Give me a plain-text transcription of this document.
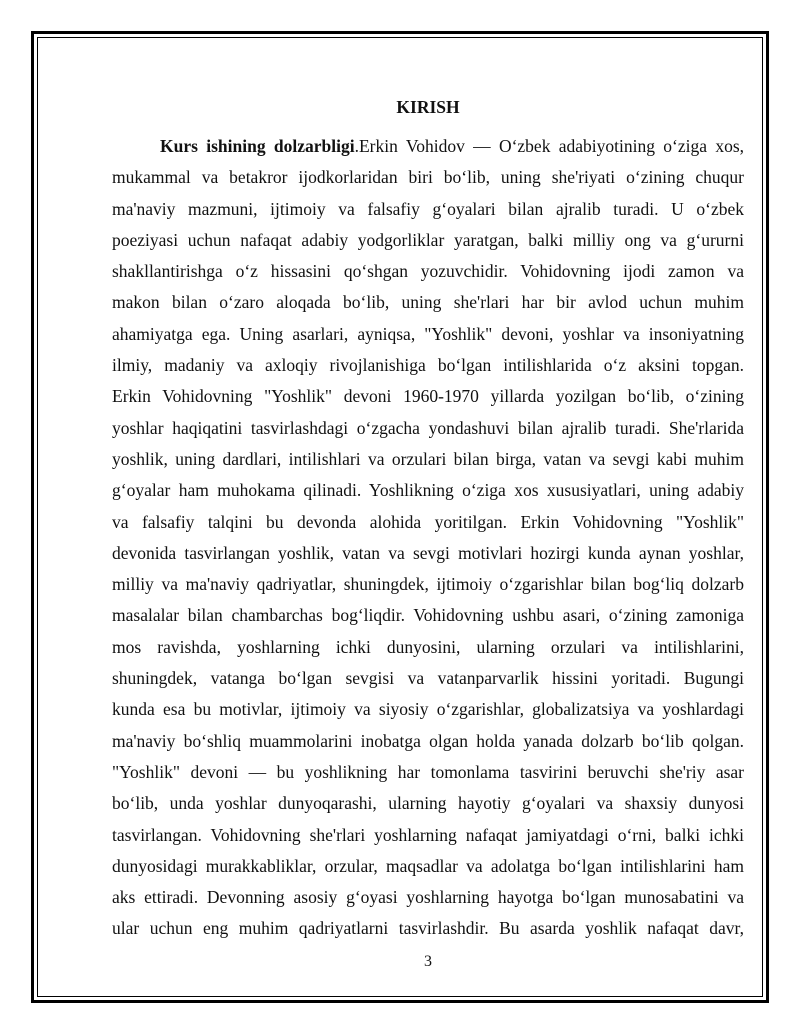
KIRISH
Kurs ishining dolzarbligi.Erkin Vohidov — O‘zbek adabiyotining o‘ziga xos,
mukammal va betakror ijodkorlaridan biri bo‘lib, uning she'riyati o‘zining chuqur
ma'naviy mazmuni, ijtimoiy va falsafiy g‘oyalari bilan ajralib turadi. U o‘zbek
poeziyasi uchun nafaqat adabiy yodgorliklar yaratgan, balki milliy ong va g‘ururni
shakllantirishga o‘z hissasini qo‘shgan yozuvchidir. Vohidovning ijodi zamon va
makon bilan o‘zaro aloqada bo‘lib, uning she'rlari har bir avlod uchun muhim
ahamiyatga ega. Uning asarlari, ayniqsa, "Yoshlik" devoni, yoshlar va insoniyatning
ilmiy, madaniy va axloqiy rivojlanishiga bo‘lgan intilishlarida o‘z aksini topgan.
Erkin Vohidovning "Yoshlik" devoni 1960-1970 yillarda yozilgan bo‘lib, o‘zining
yoshlar haqiqatini tasvirlashdagi o‘zgacha yondashuvi bilan ajralib turadi. She'rlarida
yoshlik, uning dardlari, intilishlari va orzulari bilan birga, vatan va sevgi kabi muhim
g‘oyalar ham muhokama qilinadi. Yoshlikning o‘ziga xos xususiyatlari, uning adabiy
va falsafiy talqini bu devonda alohida yoritilgan. Erkin Vohidovning "Yoshlik"
devonida tasvirlangan yoshlik, vatan va sevgi motivlari hozirgi kunda aynan yoshlar,
milliy va ma'naviy qadriyatlar, shuningdek, ijtimoiy o‘zgarishlar bilan bog‘liq dolzarb
masalalar bilan chambarchas bog‘liqdir. Vohidovning ushbu asari, o‘zining zamoniga
mos ravishda, yoshlarning ichki dunyosini, ularning orzulari va intilishlarini,
shuningdek, vatanga bo‘lgan sevgisi va vatanparvarlik hissini yoritadi. Bugungi
kunda esa bu motivlar, ijtimoiy va siyosiy o‘zgarishlar, globalizatsiya va yoshlardagi
ma'naviy bo‘shliq muammolarini inobatga olgan holda yanada dolzarb bo‘lib qolgan.
"Yoshlik" devoni — bu yoshlikning har tomonlama tasvirini beruvchi she'riy asar
bo‘lib, unda yoshlar dunyoqarashi, ularning hayotiy g‘oyalari va shaxsiy dunyosi
tasvirlangan. Vohidovning she'rlari yoshlarning nafaqat jamiyatdagi o‘rni, balki ichki
dunyosidagi murakkabliklar, orzular, maqsadlar va adolatga bo‘lgan intilishlarini ham
aks ettiradi. Devonning asosiy g‘oyasi yoshlarning hayotga bo‘lgan munosabatini va
ular uchun eng muhim qadriyatlarni tasvirlashdir. Bu asarda yoshlik nafaqat davr,
3
